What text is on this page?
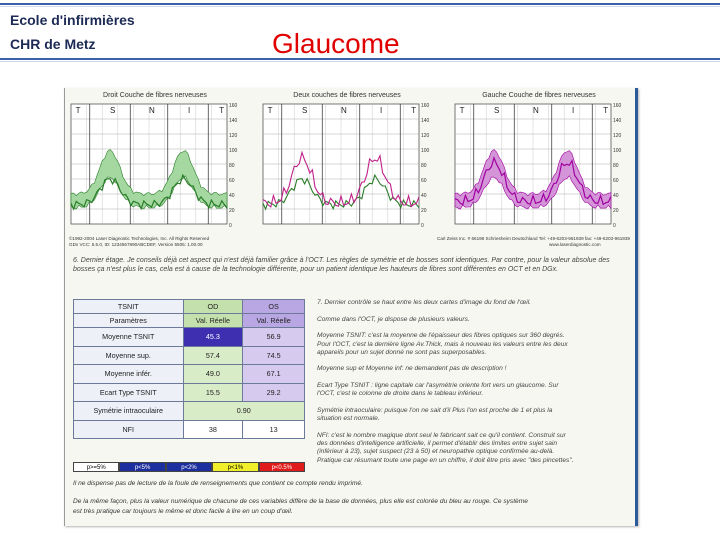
Ecole d'infirmières
CHR de Metz	Glaucome
Droit Couche de fibres nerveuses
T	S	N	I	T 160
140
120
100
80
60
40
20
0
Deux couches de fibres nerveuses
T	S	N	I	T 160
140
120
100
80
60
40
20
0
Gauche Couche de fibres nerveuses
T	S	N	I	T 160
140
120
100
80
60
40
20
0
©1992-2004 Laser Diagnostic Technologies, Inc. All Rights Reserved
GDx VCC: 5.5.0, ID: 1234567890ABCDEF, Version 5505: 1.00.00
Carl Zeiss Inc. # 66198 Schriesheim Deutschland Tel: +49-6203-961939 fax: +49-6203-961939
www.laserdiagnostic.com
6. Dernier étage. Je conseils déjà cet aspect qui n'est déjà familier grâce à l'OCT. Les règles de symétrie et de bosses sont identiques. Par contre, pour la valeur absolue des bosses ça n'est plus le cas, cela est à cause de la technologie différente, pour un patient identique les hauteurs de fibres sont différentes en OCT et en DGx.
TSNIT	OD	OS
Paramètres	Val. Réelle	Val. Réelle
Moyenne TSNIT	45.3	56.9
Moyenne sup.	57.4	74.5
Moyenne infér.	49.0	67.1
Ecart Type TSNIT	15.5	29.2
Symétrie intraoculaire	0.90	
NFI	38	13
p>=5%	p<5%	p<2%	p<1%	p<0.5%
7. Dernier contrôle se haut entre les deux cartes d'image du fond de l'œil.
Comme dans l'OCT, je dispose de plusieurs valeurs.
Moyenne TSNIT: c'est la moyenne de l'épaisseur des fibres optiques sur 360 degrés.
Pour l'OCT, c'est la dernière ligne Av.Thick, mais à nouveau les valeurs entre les deux
appareils pour un sujet donné ne sont pas superposables.
Moyenne sup et Moyenne inf: ne demandent pas de description !
Ecart Type TSNIT : ligne capitale car l'asymétrie oriente fort vers un glaucome. Sur
l'OCT, c'est le colonne de droite dans le tableau inférieur.
Symétrie intraoculaire: puisque l'on ne sait d'il Plus l'on est proche de 1 et plus la
situation est normale.
NFI: c'est le nombre magique dont seul le fabricant sait ce qu'il contient. Construit sur
des données d'intelligence artificielle, il permet d'établir des limites entre sujet sain
(inférieur à 23), sujet suspect (23 à 50) et neuropathie optique confirmée au-delà.
Pratique car résumant toute une page en un chiffre, il doit être pris avec "des pincettes".
Il ne dispense pas de lecture de la foule de renseignements que contient ce compte rendu imprimé.
De la même façon, plus la valeur numérique de chacune de ces variables diffère de la base de données, plus elle est colorée du bleu au rouge. Ce système
est très pratique car toujours le même et donc facile à lire en un coup d'œil.
